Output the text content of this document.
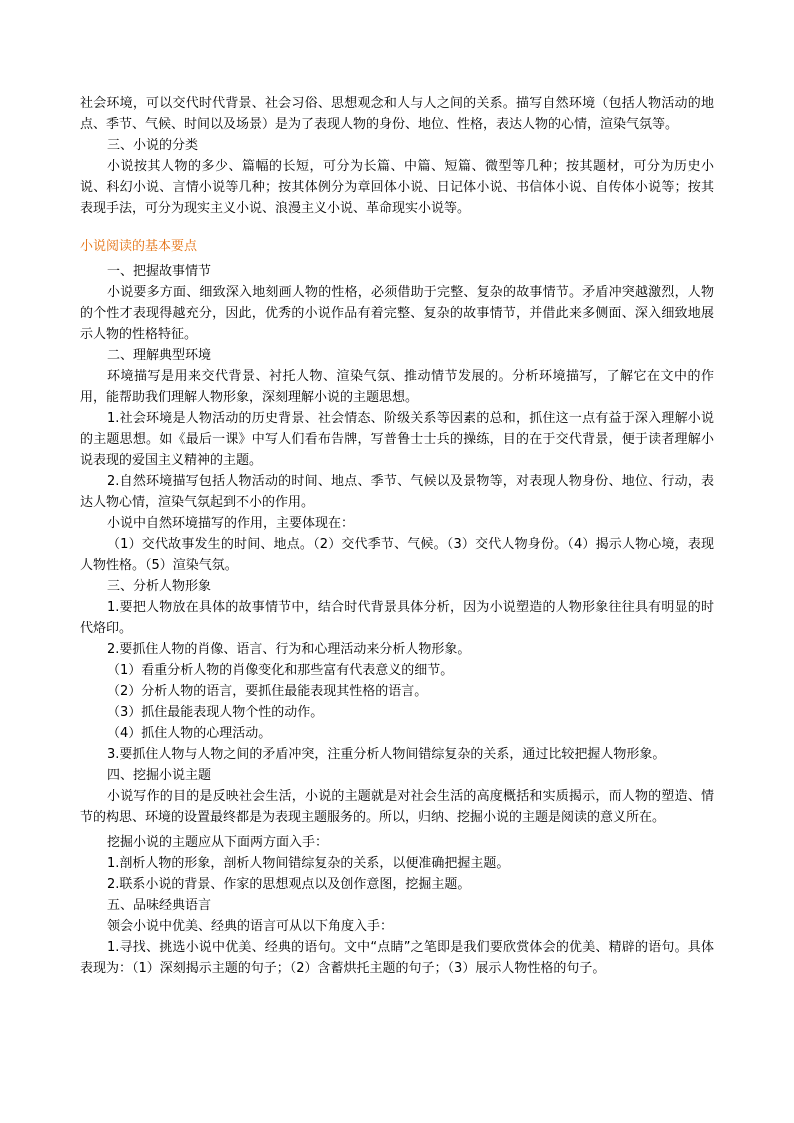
社会环境，可以交代时代背景、社会习俗、思想观念和人与人之间的关系。描写自然环境（包括人物活动的地点、季节、气候、时间以及场景）是为了表现人物的身份、地位、性格，表达人物的心情，渲染气氛等。

三、小说的分类

小说按其人物的多少、篇幅的长短，可分为长篇、中篇、短篇、微型等几种；按其题材，可分为历史小说、科幻小说、言情小说等几种；按其体例分为章回体小说、日记体小说、书信体小说、自传体小说等；按其表现手法，可分为现实主义小说、浪漫主义小说、革命现实小说等。

小说阅读的基本要点

一、把握故事情节

小说要多方面、细致深入地刻画人物的性格，必须借助于完整、复杂的故事情节。矛盾冲突越激烈，人物的个性才表现得越充分，因此，优秀的小说作品有着完整、复杂的故事情节，并借此来多侧面、深入细致地展示人物的性格特征。

二、理解典型环境

环境描写是用来交代背景、衬托人物、渲染气氛、推动情节发展的。分析环境描写，了解它在文中的作用，能帮助我们理解人物形象，深刻理解小说的主题思想。

1.社会环境是人物活动的历史背景、社会情态、阶级关系等因素的总和，抓住这一点有益于深入理解小说的主题思想。如《最后一课》中写人们看布告牌，写普鲁士士兵的操练，目的在于交代背景，便于读者理解小说表现的爱国主义精神的主题。

2.自然环境描写包括人物活动的时间、地点、季节、气候以及景物等，对表现人物身份、地位、行动，表达人物心情，渲染气氛起到不小的作用。

小说中自然环境描写的作用，主要体现在：

（1）交代故事发生的时间、地点。（2）交代季节、气候。（3）交代人物身份。（4）揭示人物心境，表现人物性格。（5）渲染气氛。

三、分析人物形象

1.要把人物放在具体的故事情节中，结合时代背景具体分析，因为小说塑造的人物形象往往具有明显的时代烙印。

2.要抓住人物的肖像、语言、行为和心理活动来分析人物形象。

（1）看重分析人物的肖像变化和那些富有代表意义的细节。

（2）分析人物的语言，要抓住最能表现其性格的语言。

（3）抓住最能表现人物个性的动作。

（4）抓住人物的心理活动。

3.要抓住人物与人物之间的矛盾冲突，注重分析人物间错综复杂的关系，通过比较把握人物形象。

四、挖掘小说主题

小说写作的目的是反映社会生活，小说的主题就是对社会生活的高度概括和实质揭示，而人物的塑造、情节的构思、环境的设置最终都是为表现主题服务的。所以，归纳、挖掘小说的主题是阅读的意义所在。

挖掘小说的主题应从下面两方面入手：

1.剖析人物的形象，剖析人物间错综复杂的关系，以便准确把握主题。

2.联系小说的背景、作家的思想观点以及创作意图，挖掘主题。

五、品味经典语言

领会小说中优美、经典的语言可从以下角度入手：

1.寻找、挑选小说中优美、经典的语句。文中“点睛”之笔即是我们要欣赏体会的优美、精辟的语句。具体表现为：（1）深刻揭示主题的句子；（2）含蓄烘托主题的句子；（3）展示人物性格的句子。
